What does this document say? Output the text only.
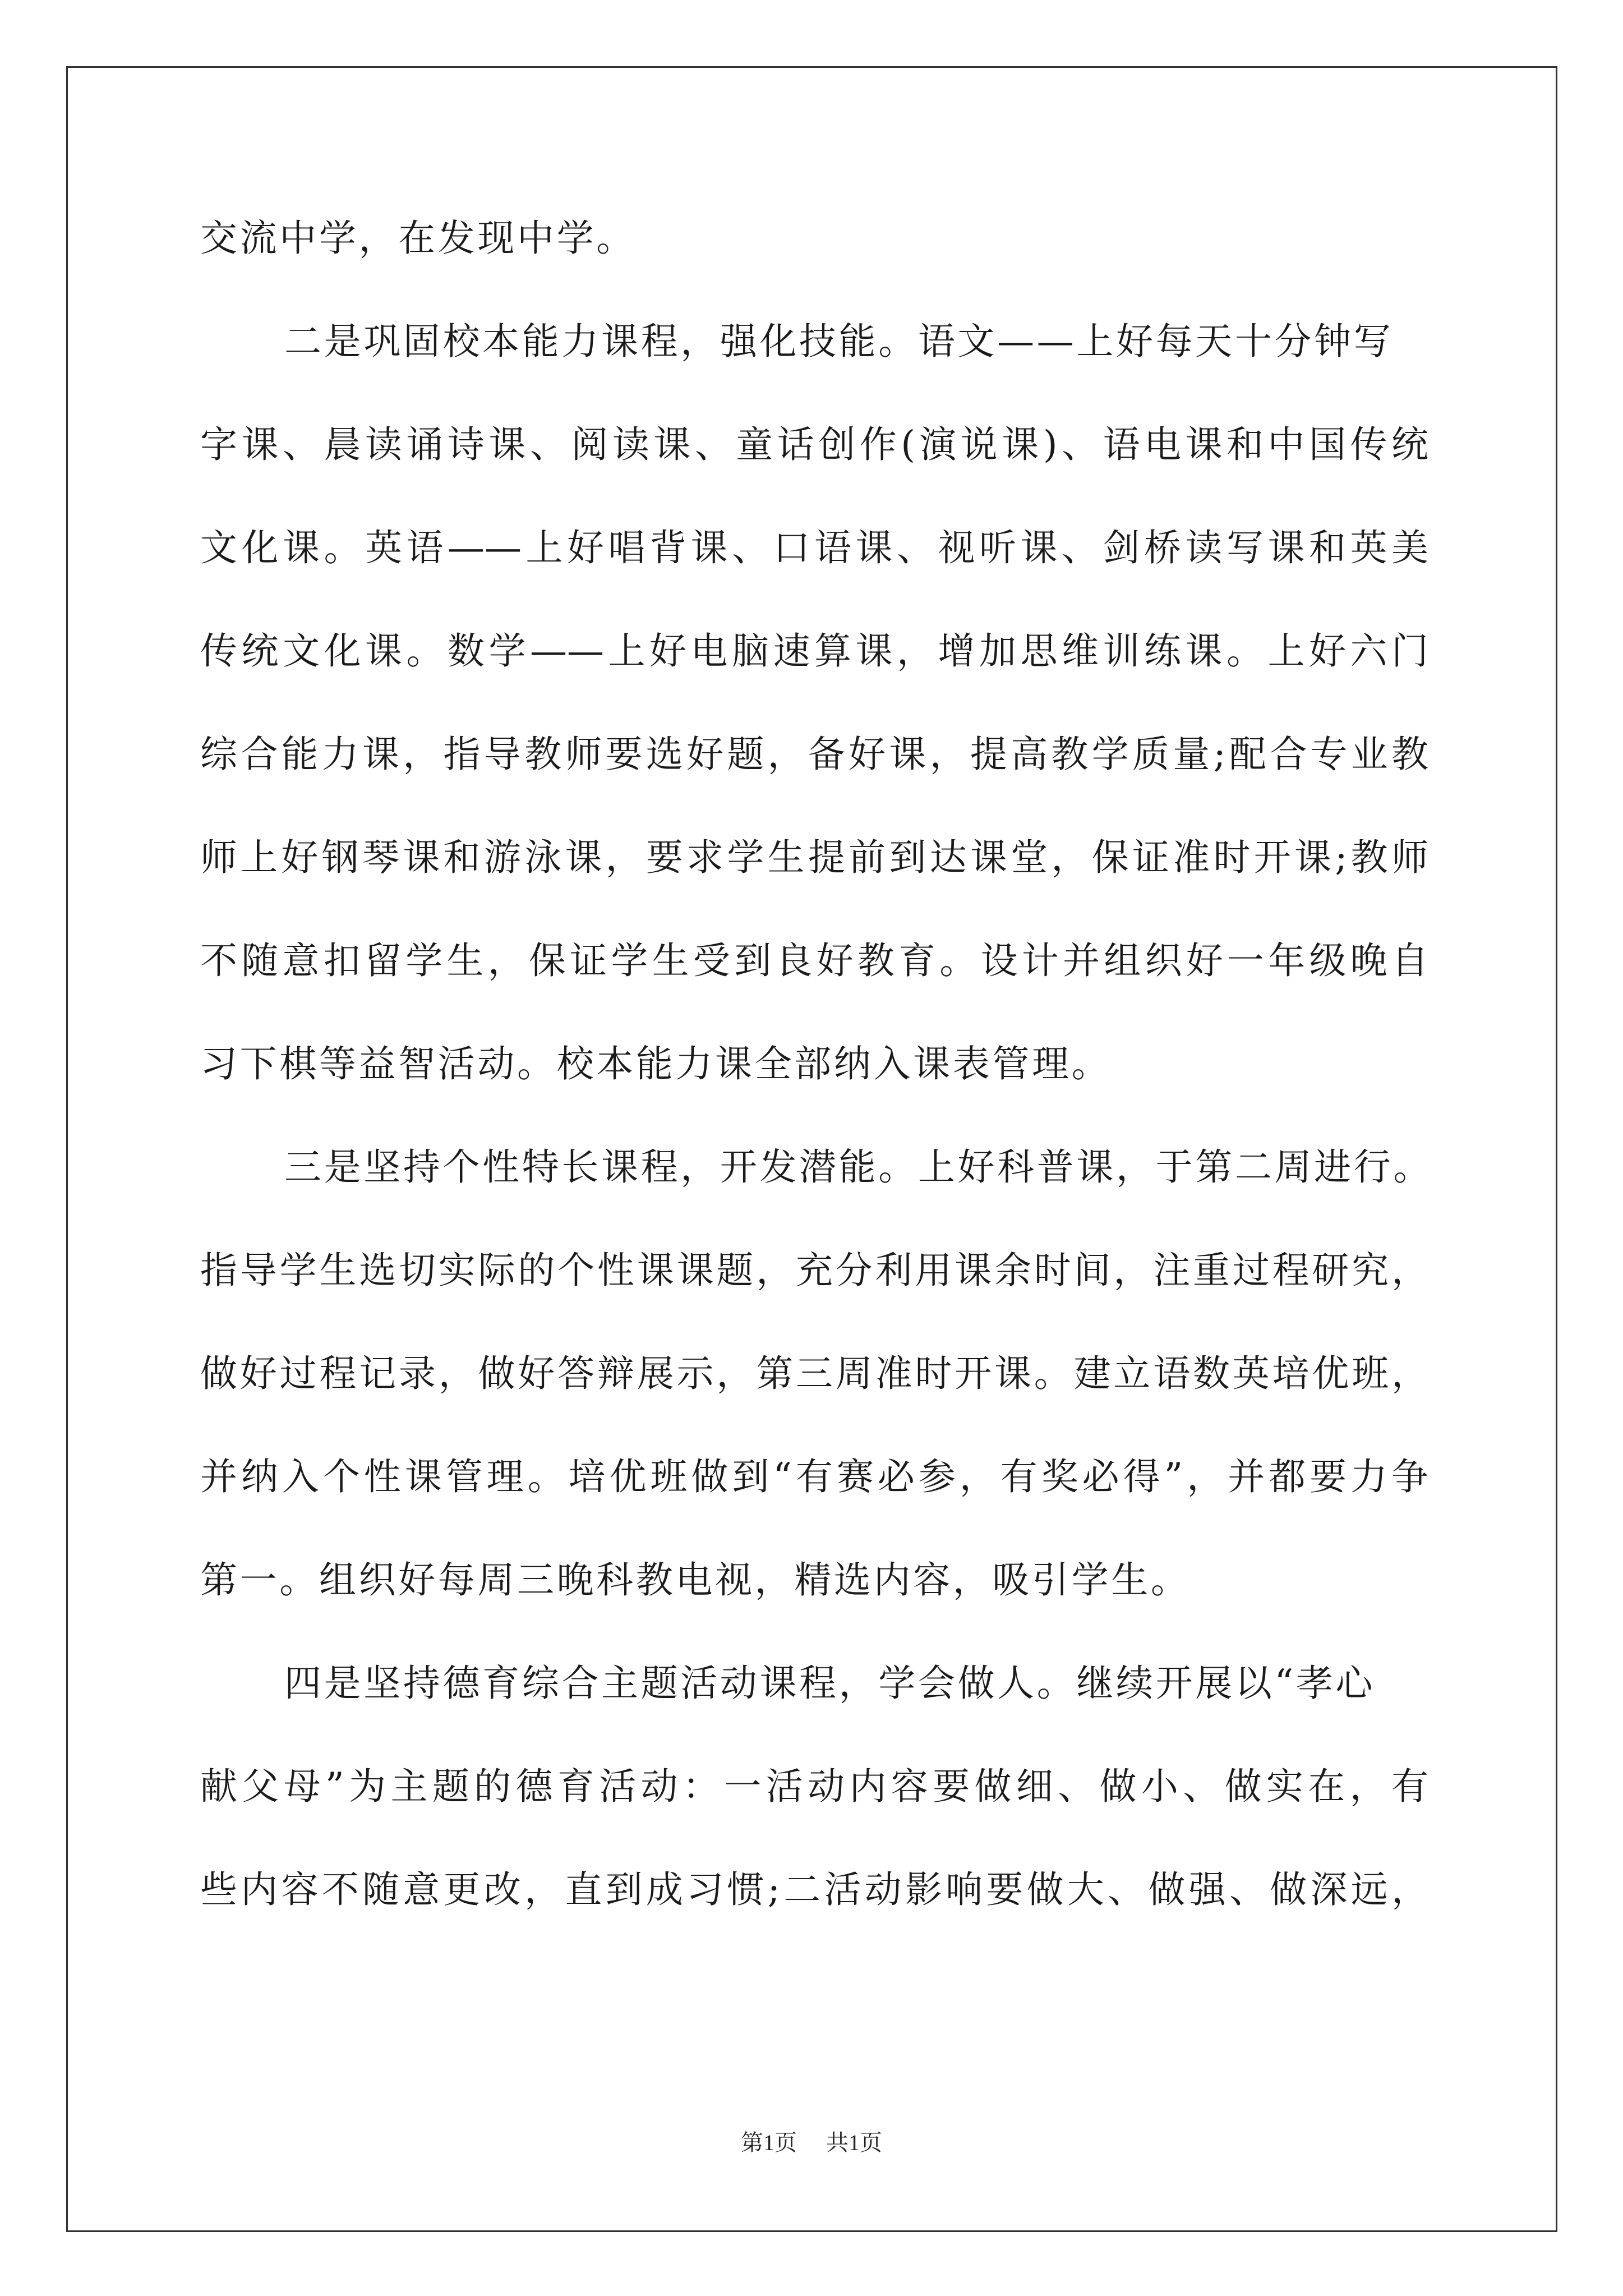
交流中学，在发现中学。
二是巩固校本能力课程，强化技能。语文——上好每天十分钟写
字课、晨读诵诗课、阅读课、童话创作(演说课)、语电课和中国传统
文化课。英语——上好唱背课、口语课、视听课、剑桥读写课和英美
传统文化课。数学——上好电脑速算课，增加思维训练课。上好六门
综合能力课，指导教师要选好题，备好课，提高教学质量;配合专业教
师上好钢琴课和游泳课，要求学生提前到达课堂，保证准时开课;教师
不随意扣留学生，保证学生受到良好教育。设计并组织好一年级晚自
习下棋等益智活动。校本能力课全部纳入课表管理。
三是坚持个性特长课程，开发潜能。上好科普课，于第二周进行。
指导学生选切实际的个性课课题，充分利用课余时间，注重过程研究，
做好过程记录，做好答辩展示，第三周准时开课。建立语数英培优班，
并纳入个性课管理。培优班做到“有赛必参，有奖必得”，并都要力争
第一。组织好每周三晚科教电视，精选内容，吸引学生。
四是坚持德育综合主题活动课程，学会做人。继续开展以“孝心
献父母”为主题的德育活动：一活动内容要做细、做小、做实在，有
些内容不随意更改，直到成习惯;二活动影响要做大、做强、做深远，
第1页 共1页
